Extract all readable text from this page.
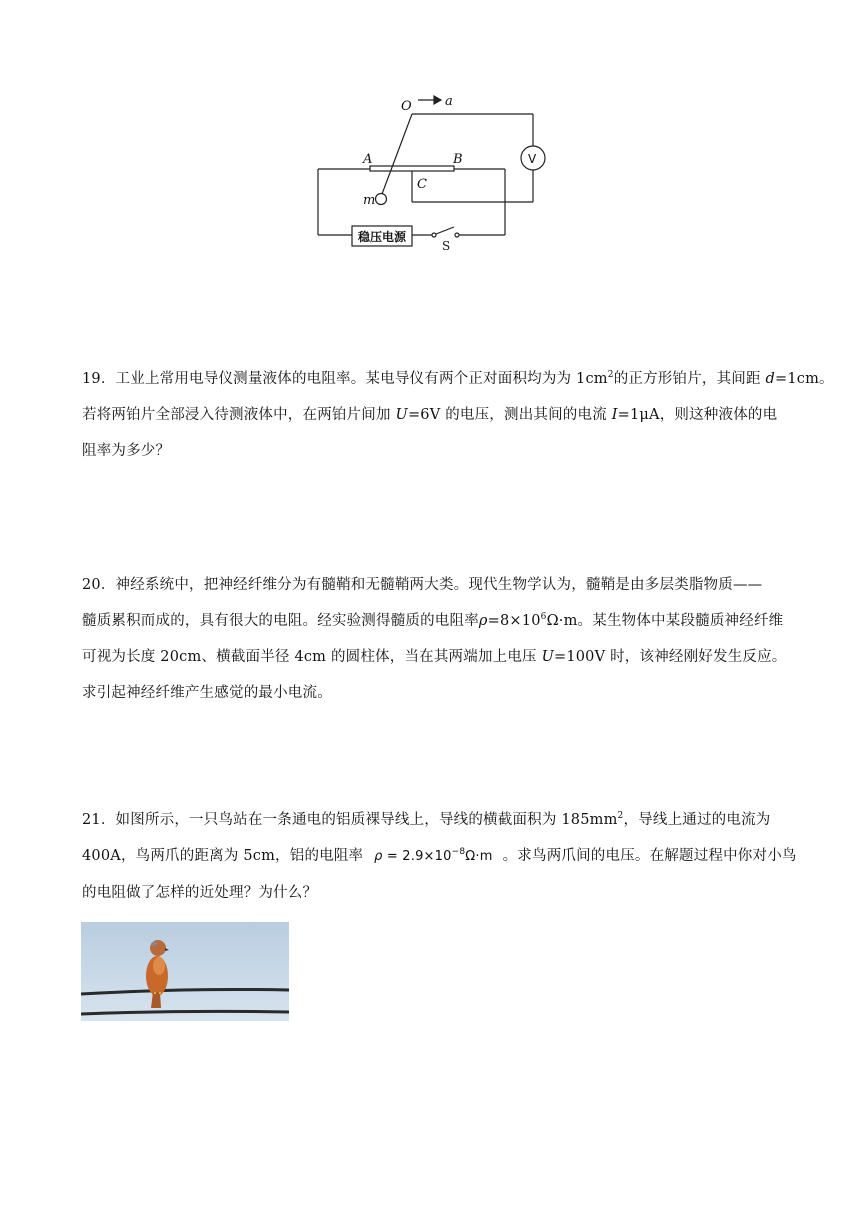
O	a
A	B
C
m
V
稳压电源
S
19．工业上常用电导仪测量液体的电阻率。某电导仪有两个正对面积均为为 $1cm^2$的正方形铂片，其间距 d=1cm。
若将两铂片全部浸入待测液体中，在两铂片间加 U=6V 的电压，测出其间的电流 I=1μA，则这种液体的电
阻率为多少？
20．神经系统中，把神经纤维分为有髓鞘和无髓鞘两大类。现代生物学认为，髓鞘是由多层类脂物质——
髓质累积而成的，具有很大的电阻。经实验测得髓质的电阻率$\rho=8\times 10^6\Omega\cdot m$。某生物体中某段髓质神经纤维
可视为长度 20cm、横截面半径 4cm 的圆柱体，当在其两端加上电压 U=100V 时，该神经刚好发生反应。
求引起神经纤维产生感觉的最小电流。
21．如图所示，一只鸟站在一条通电的铝质裸导线上，导线的横截面积为 $185mm^2$，导线上通过的电流为
400A，鸟两爪的距离为 5cm，铝的电阻率 $\rho = 2.9\times 10^{-8}\Omega\cdot m$ 。求鸟两爪间的电压。在解题过程中你对小鸟
的电阻做了怎样的近处理？为什么？
